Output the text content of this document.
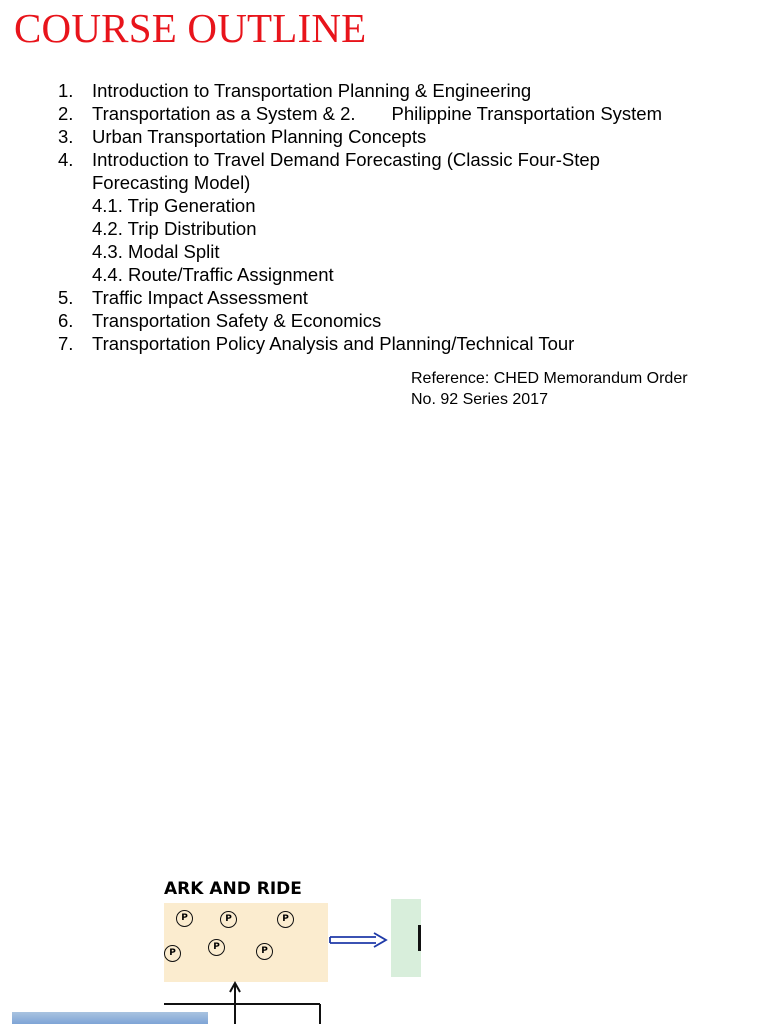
COURSE OUTLINE
1. Introduction to Transportation Planning & Engineering
2. Transportation as a System & 2.       Philippine Transportation System
3. Urban Transportation Planning Concepts
4. Introduction to Travel Demand Forecasting (Classic Four-Step
Forecasting Model)
4.1. Trip Generation
4.2. Trip Distribution
4.3. Modal Split
4.4. Route/Traffic Assignment
5. Traffic Impact Assessment
6. Transportation Safety & Economics
7. Transportation Policy Analysis and Planning/Technical Tour
Reference: CHED Memorandum Order
No. 92 Series 2017
ARK AND RIDE
P	P	P
P
P	P
